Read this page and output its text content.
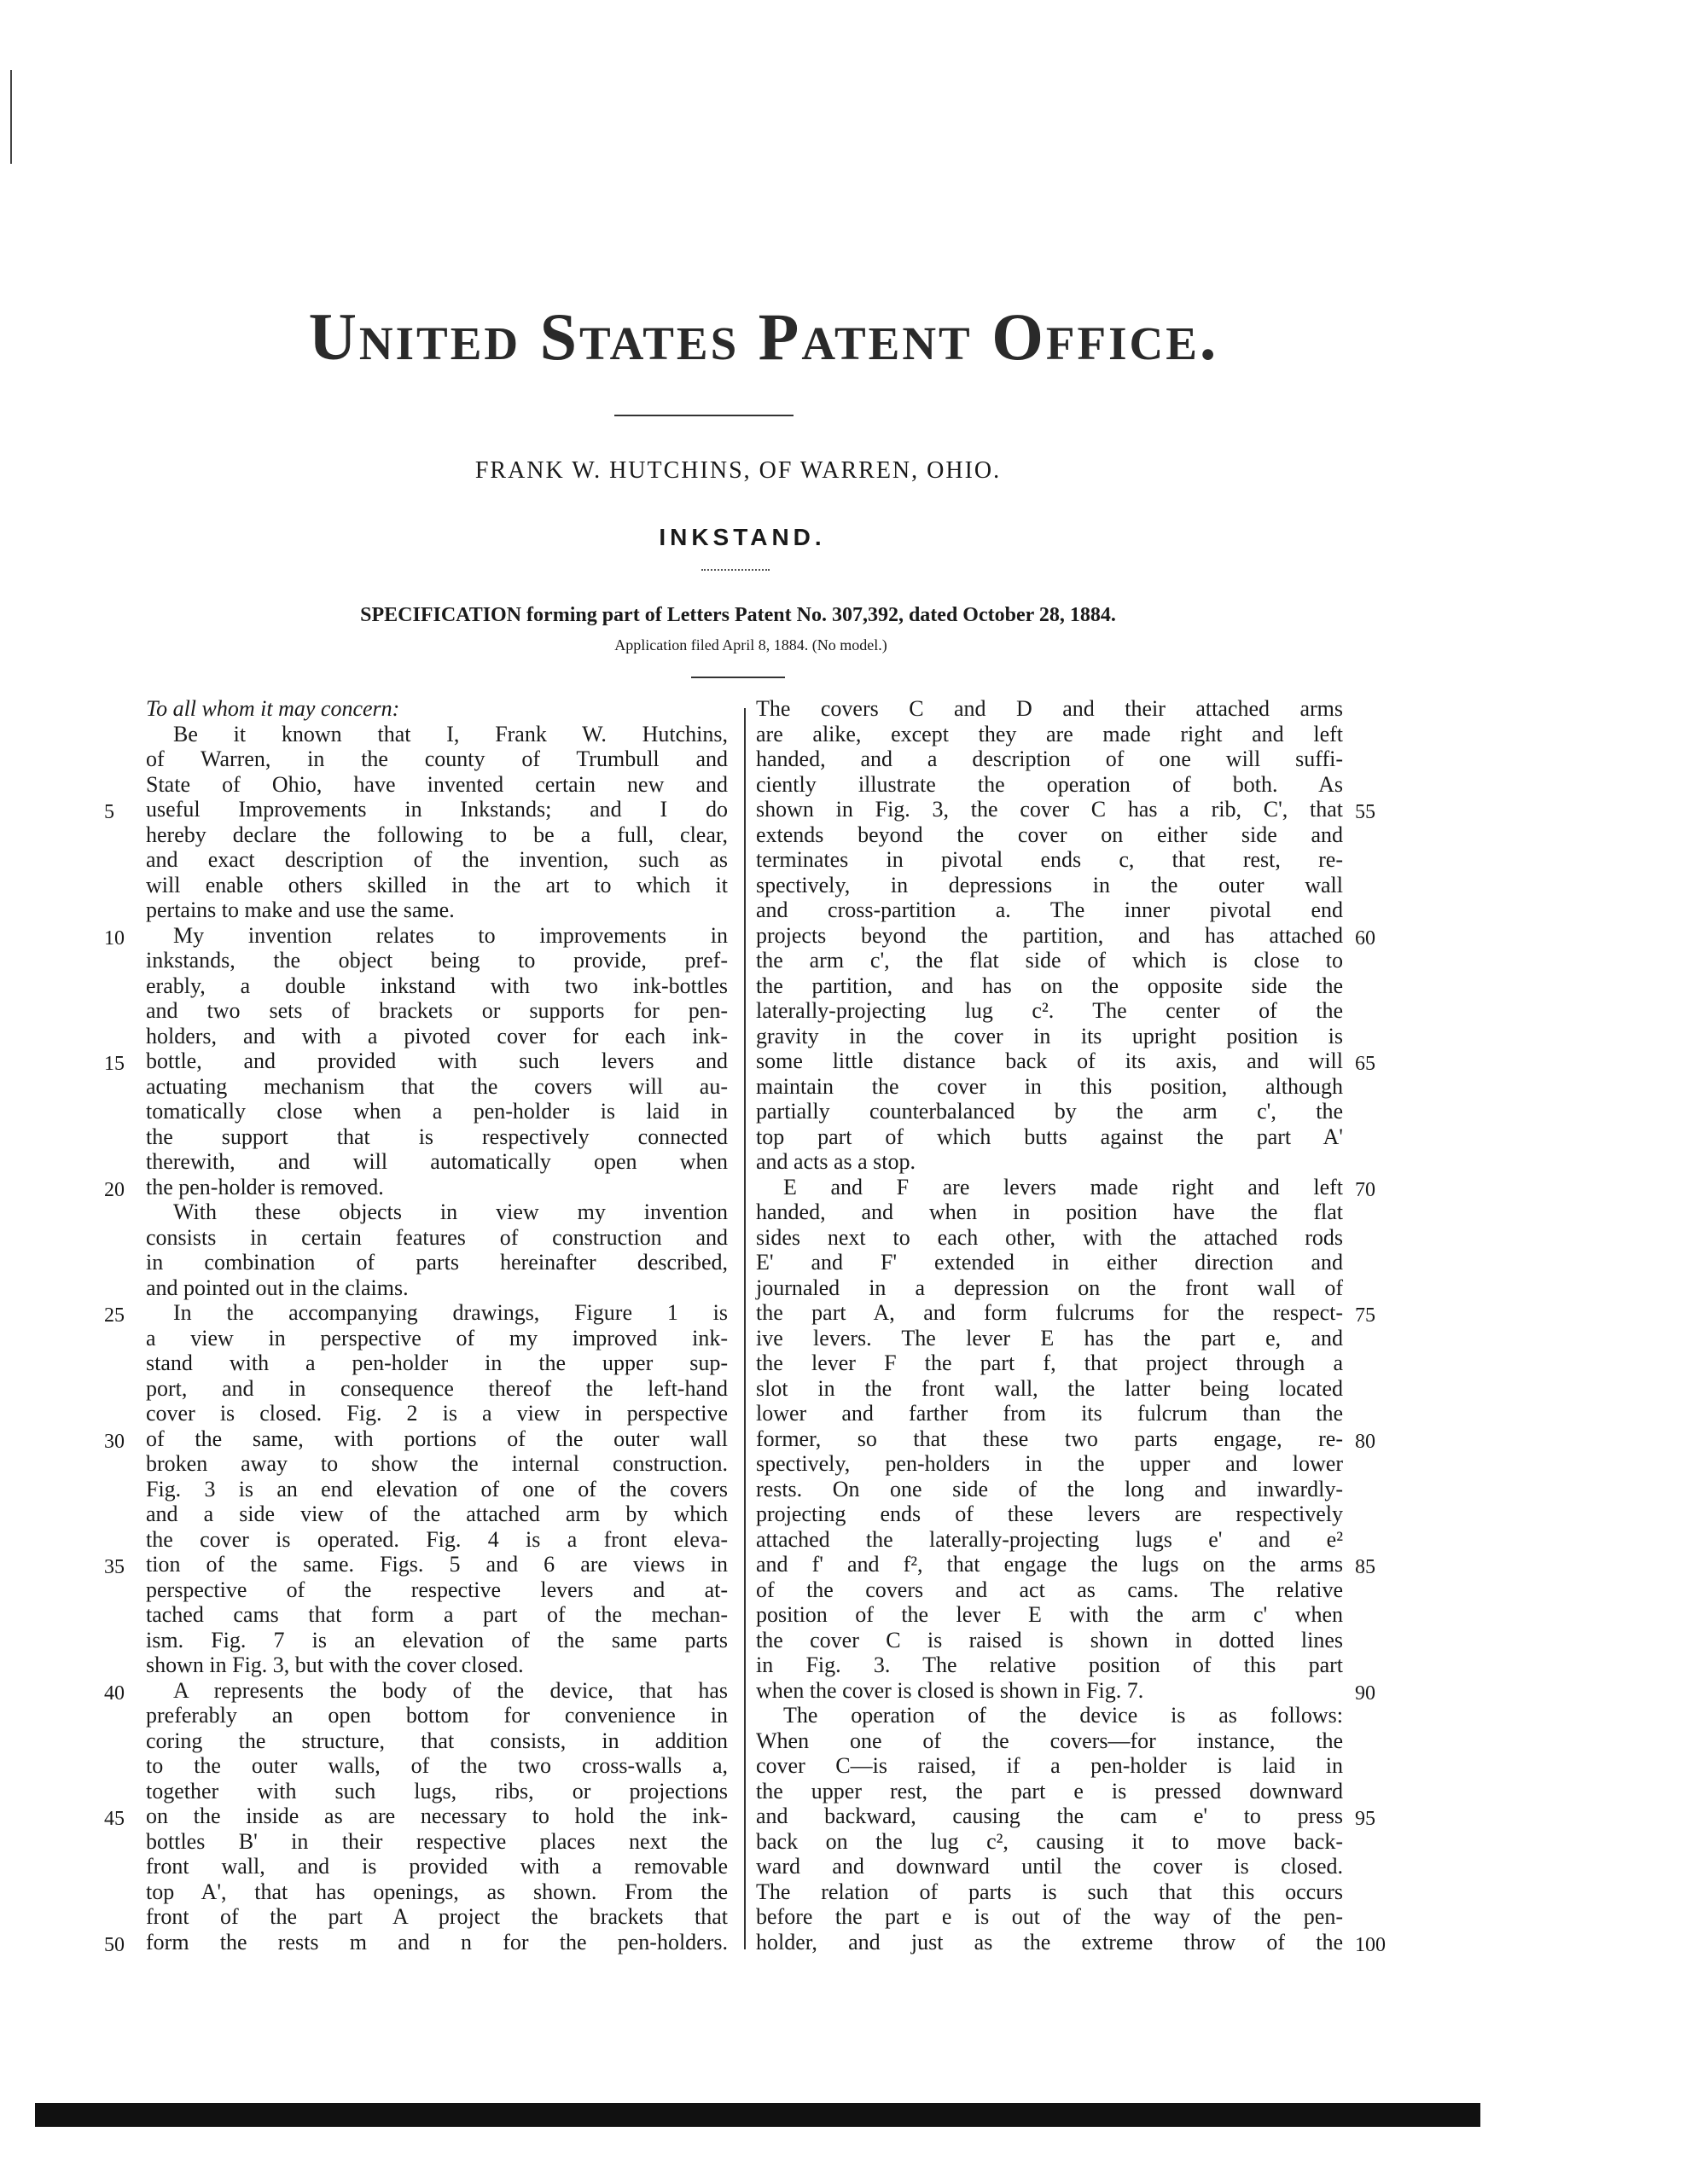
United States Patent Office.
FRANK W. HUTCHINS, OF WARREN, OHIO.
INKSTAND.
SPECIFICATION forming part of Letters Patent No. 307,392, dated October 28, 1884.
Application filed April 8, 1884. (No model.)
To all whom it may concern:
Be it known that I, Frank W. Hutchins,
of Warren, in the county of Trumbull and
State of Ohio, have invented certain new and
useful Improvements in Inkstands; and I do
hereby declare the following to be a full, clear,
and exact description of the invention, such as
will enable others skilled in the art to which it
pertains to make and use the same.
My invention relates to improvements in
inkstands, the object being to provide, pref-
erably, a double inkstand with two ink-bottles
and two sets of brackets or supports for pen-
holders, and with a pivoted cover for each ink-
bottle, and provided with such levers and
actuating mechanism that the covers will au-
tomatically close when a pen-holder is laid in
the support that is respectively connected
therewith, and will automatically open when
the pen-holder is removed.
With these objects in view my invention
consists in certain features of construction and
in combination of parts hereinafter described,
and pointed out in the claims.
In the accompanying drawings, Figure 1 is
a view in perspective of my improved ink-
stand with a pen-holder in the upper sup-
port, and in consequence thereof the left-hand
cover is closed. Fig. 2 is a view in perspective
of the same, with portions of the outer wall
broken away to show the internal construction.
Fig. 3 is an end elevation of one of the covers
and a side view of the attached arm by which
the cover is operated. Fig. 4 is a front eleva-
tion of the same. Figs. 5 and 6 are views in
perspective of the respective levers and at-
tached cams that form a part of the mechan-
ism. Fig. 7 is an elevation of the same parts
shown in Fig. 3, but with the cover closed.
A represents the body of the device, that has
preferably an open bottom for convenience in
coring the structure, that consists, in addition
to the outer walls, of the two cross-walls a,
together with such lugs, ribs, or projections
on the inside as are necessary to hold the ink-
bottles B' in their respective places next the
front wall, and is provided with a removable
top A', that has openings, as shown. From the
front of the part A project the brackets that
form the rests m and n for the pen-holders.
The covers C and D and their attached arms
are alike, except they are made right and left
handed, and a description of one will suffi-
ciently illustrate the operation of both. As
shown in Fig. 3, the cover C has a rib, C', that
extends beyond the cover on either side and
terminates in pivotal ends c, that rest, re-
spectively, in depressions in the outer wall
and cross-partition a. The inner pivotal end
projects beyond the partition, and has attached
the arm c', the flat side of which is close to
the partition, and has on the opposite side the
laterally-projecting lug c². The center of the
gravity in the cover in its upright position is
some little distance back of its axis, and will
maintain the cover in this position, although
partially counterbalanced by the arm c', the
top part of which butts against the part A'
and acts as a stop.
E and F are levers made right and left
handed, and when in position have the flat
sides next to each other, with the attached rods
E' and F' extended in either direction and
journaled in a depression on the front wall of
the part A, and form fulcrums for the respect-
ive levers. The lever E has the part e, and
the lever F the part f, that project through a
slot in the front wall, the latter being located
lower and farther from its fulcrum than the
former, so that these two parts engage, re-
spectively, pen-holders in the upper and lower
rests. On one side of the long and inwardly-
projecting ends of these levers are respectively
attached the laterally-projecting lugs e' and e²
and f' and f², that engage the lugs on the arms
of the covers and act as cams. The relative
position of the lever E with the arm c' when
the cover C is raised is shown in dotted lines
in Fig. 3. The relative position of this part
when the cover is closed is shown in Fig. 7.
The operation of the device is as follows:
When one of the covers—for instance, the
cover C—is raised, if a pen-holder is laid in
the upper rest, the part e is pressed downward
and backward, causing the cam e' to press
back on the lug c², causing it to move back-
ward and downward until the cover is closed.
The relation of parts is such that this occurs
before the part e is out of the way of the pen-
holder, and just as the extreme throw of the
5
10
15
20
25
30
35
40
45
50
55
60
65
70
75
80
85
90
95
100
